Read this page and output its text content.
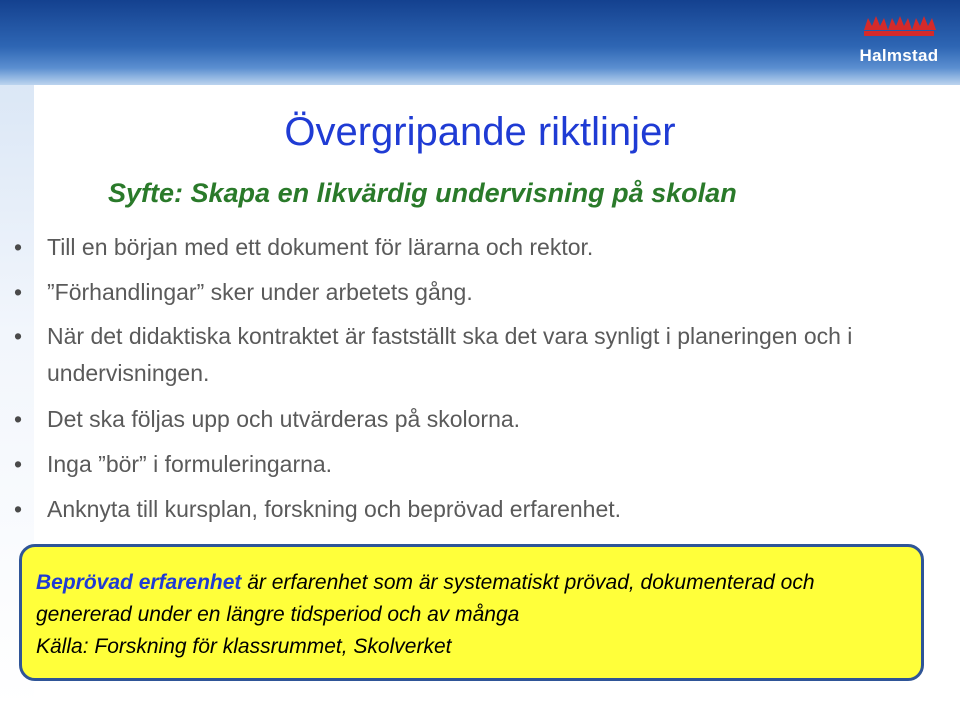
Halmstad
Övergripande riktlinjer
Syfte: Skapa en likvärdig undervisning på skolan
• Till en början med ett dokument för lärarna och rektor.
• ”Förhandlingar” sker under arbetets gång.
• När det didaktiska kontraktet är fastställt ska det vara synligt i planeringen och i undervisningen.
• Det ska följas upp och utvärderas på skolorna.
• Inga ”bör” i formuleringarna.
• Anknyta till kursplan, forskning och beprövad erfarenhet.
Beprövad erfarenhet är erfarenhet som är systematiskt prövad, dokumenterad och genererad under en längre tidsperiod och av många
Källa: Forskning för klassrummet, Skolverket
